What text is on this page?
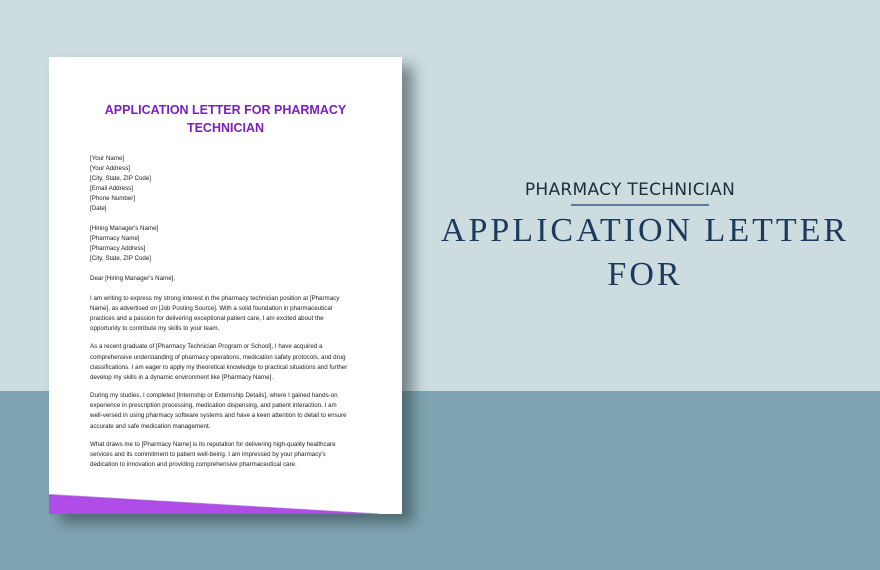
APPLICATION LETTER FOR PHARMACY
TECHNICIAN
[Your Name]
[Your Address]
[City, State, ZIP Code]
[Email Address]
[Phone Number]
[Date]
[Hiring Manager's Name]
[Pharmacy Name]
[Pharmacy Address]
[City, State, ZIP Code]
Dear [Hiring Manager's Name],

I am writing to express my strong interest in the pharmacy technician position at [Pharmacy
Name], as advertised on [Job Posting Source]. With a solid foundation in pharmaceutical
practices and a passion for delivering exceptional patient care, I am excited about the
opportunity to contribute my skills to your team.

As a recent graduate of [Pharmacy Technician Program or School], I have acquired a
comprehensive understanding of pharmacy operations, medication safety protocols, and drug
classifications. I am eager to apply my theoretical knowledge to practical situations and further
develop my skills in a dynamic environment like [Pharmacy Name].

During my studies, I completed [Internship or Externship Details], where I gained hands-on
experience in prescription processing, medication dispensing, and patient interaction. I am
well-versed in using pharmacy software systems and have a keen attention to detail to ensure
accurate and safe medication management.

What draws me to [Pharmacy Name] is its reputation for delivering high-quality healthcare
services and its commitment to patient well-being. I am impressed by your pharmacy's
dedication to innovation and providing comprehensive pharmaceutical care.

PHARMACY TECHNICIAN
APPLICATION LETTER FOR
